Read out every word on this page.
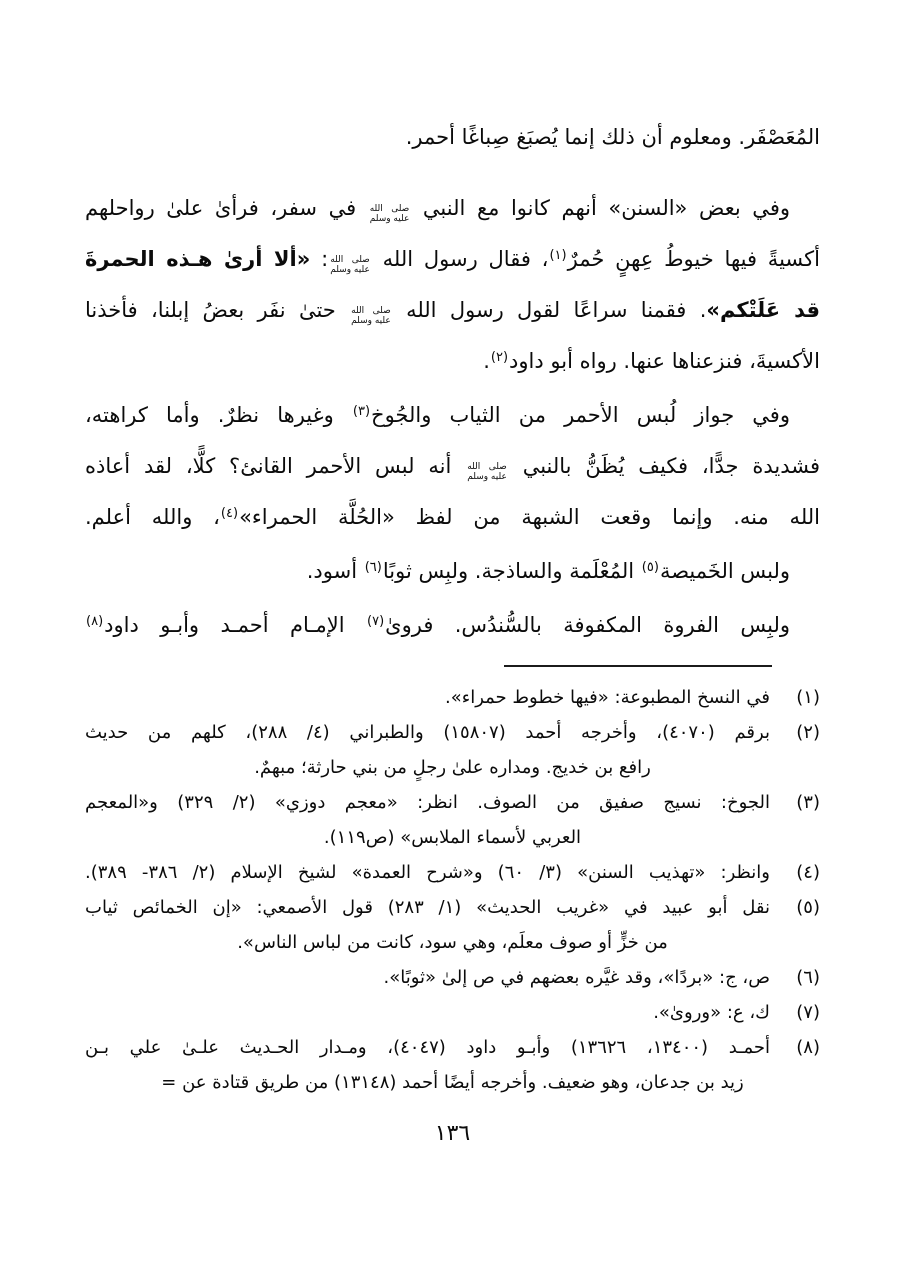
المُعَصْفَر. ومعلوم أن ذلك إنما يُصبَغ صِباغًا أحمر.
وفي بعض «السنن» أنهم كانوا مع النبي
صلى الله
عليه وسلم
في سفر، فرأىٰ علىٰ رواحلهم
أكسيةً فيها خيوطُ عِهنٍ حُمرٌ$^{(١)}$، فقال رسول الله
صلى الله
عليه وسلم
: «ألا أرىٰ هـذه الحمرةَ
قد عَلَتْكم». فقمنا سراعًا لقول رسول الله
صلى الله
عليه وسلم
حتىٰ نفَر بعضُ إبلنا، فأخذنا
الأكسيةَ، فنزعناها عنها. رواه أبو داود$^{(٢)}$.
وفي جواز لُبس الأحمر من الثياب والجُوخ$^{(٣)}$ وغيرها نظرٌ. وأما كراهته،
فشديدة جدًّا، فكيف يُظَنُّ بالنبي
صلى الله
عليه وسلم
أنه لبس الأحمر القانئ؟ كلًّا، لقد أعاذه
الله منه. وإنما وقعت الشبهة من لفظ «الحُلَّة الحمراء»$^{(٤)}$، والله أعلم.
ولبس الخَميصة$^{(٥)}$ المُعْلَمة والساذجة. ولبِس ثوبًا$^{(٦)}$ أسود.
ولبِس الفروة المكفوفة بالسُّندُس. فروىٰ$^{(٧)}$ الإمـام أحمـد وأبـو داود$^{(٨)}$
(١)
في النسخ المطبوعة: «فيها خطوط حمراء».
(٢)
برقم (٤٠٧٠)، وأخرجه أحمد (١٥٨٠٧) والطبراني (٤/ ٢٨٨)، كلهم من حديث
رافع بن خديج. ومداره علىٰ رجلٍ من بني حارثة؛ مبهمٌ.
(٣)
الجوخ: نسيج صفيق من الصوف. انظر: «معجم دوزي» (٢/ ٣٢٩) و«المعجم
العربي لأسماء الملابس» (ص١١٩).
(٤)
وانظر: «تهذيب السنن» (٣/ ٦٠) و«شرح العمدة» لشيخ الإسلام (٢/ ٣٨٦- ٣٨٩).
(٥)
نقل أبو عبيد في «غريب الحديث» (١/ ٢٨٣) قول الأصمعي: «إن الخمائص ثياب
من خزٍّ أو صوف معلَم، وهي سود، كانت من لباس الناس».
(٦)
ص، ج: «بردًا»، وقد غيَّره بعضهم في ص إلىٰ «ثوبًا».
(٧)
ك، ع: «وروىٰ».
(٨)
أحمـد (١٣٤٠٠، ١٣٦٢٦) وأبـو داود (٤٠٤٧)، ومـدار الحـديث علـىٰ علي بـن
زيد بن جدعان، وهو ضعيف. وأخرجه أيضًا أحمد (١٣١٤٨) من طريق قتادة عن =
١٣٦
